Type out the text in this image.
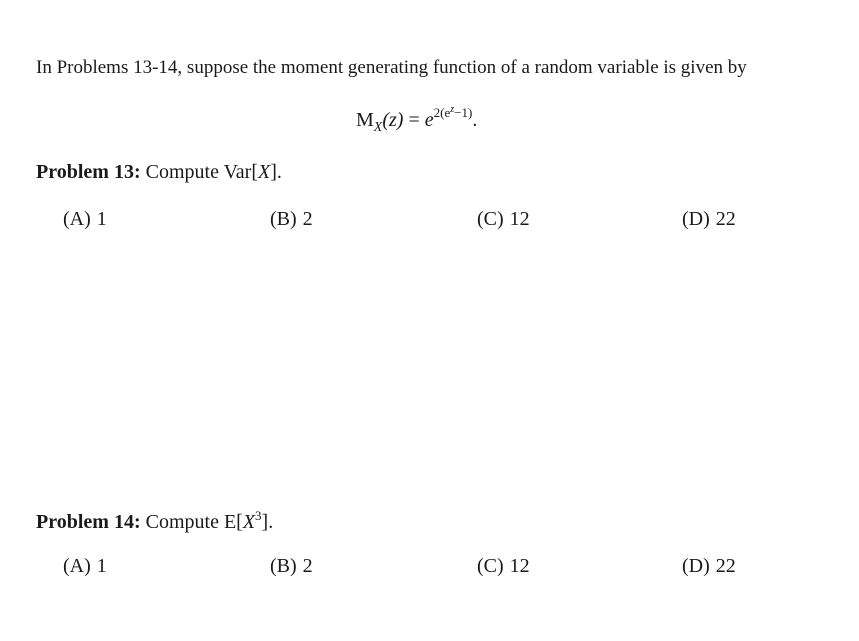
In Problems 13-14, suppose the moment generating function of a random variable is given by
$M_X(z) = e^{2(e^z-1)}$.
Problem 13: Compute Var[X].
(A) 1	(B) 2	(C) 12	(D) 22
Problem 14: Compute $E[X^3]$.
(A) 1	(B) 2	(C) 12	(D) 22
